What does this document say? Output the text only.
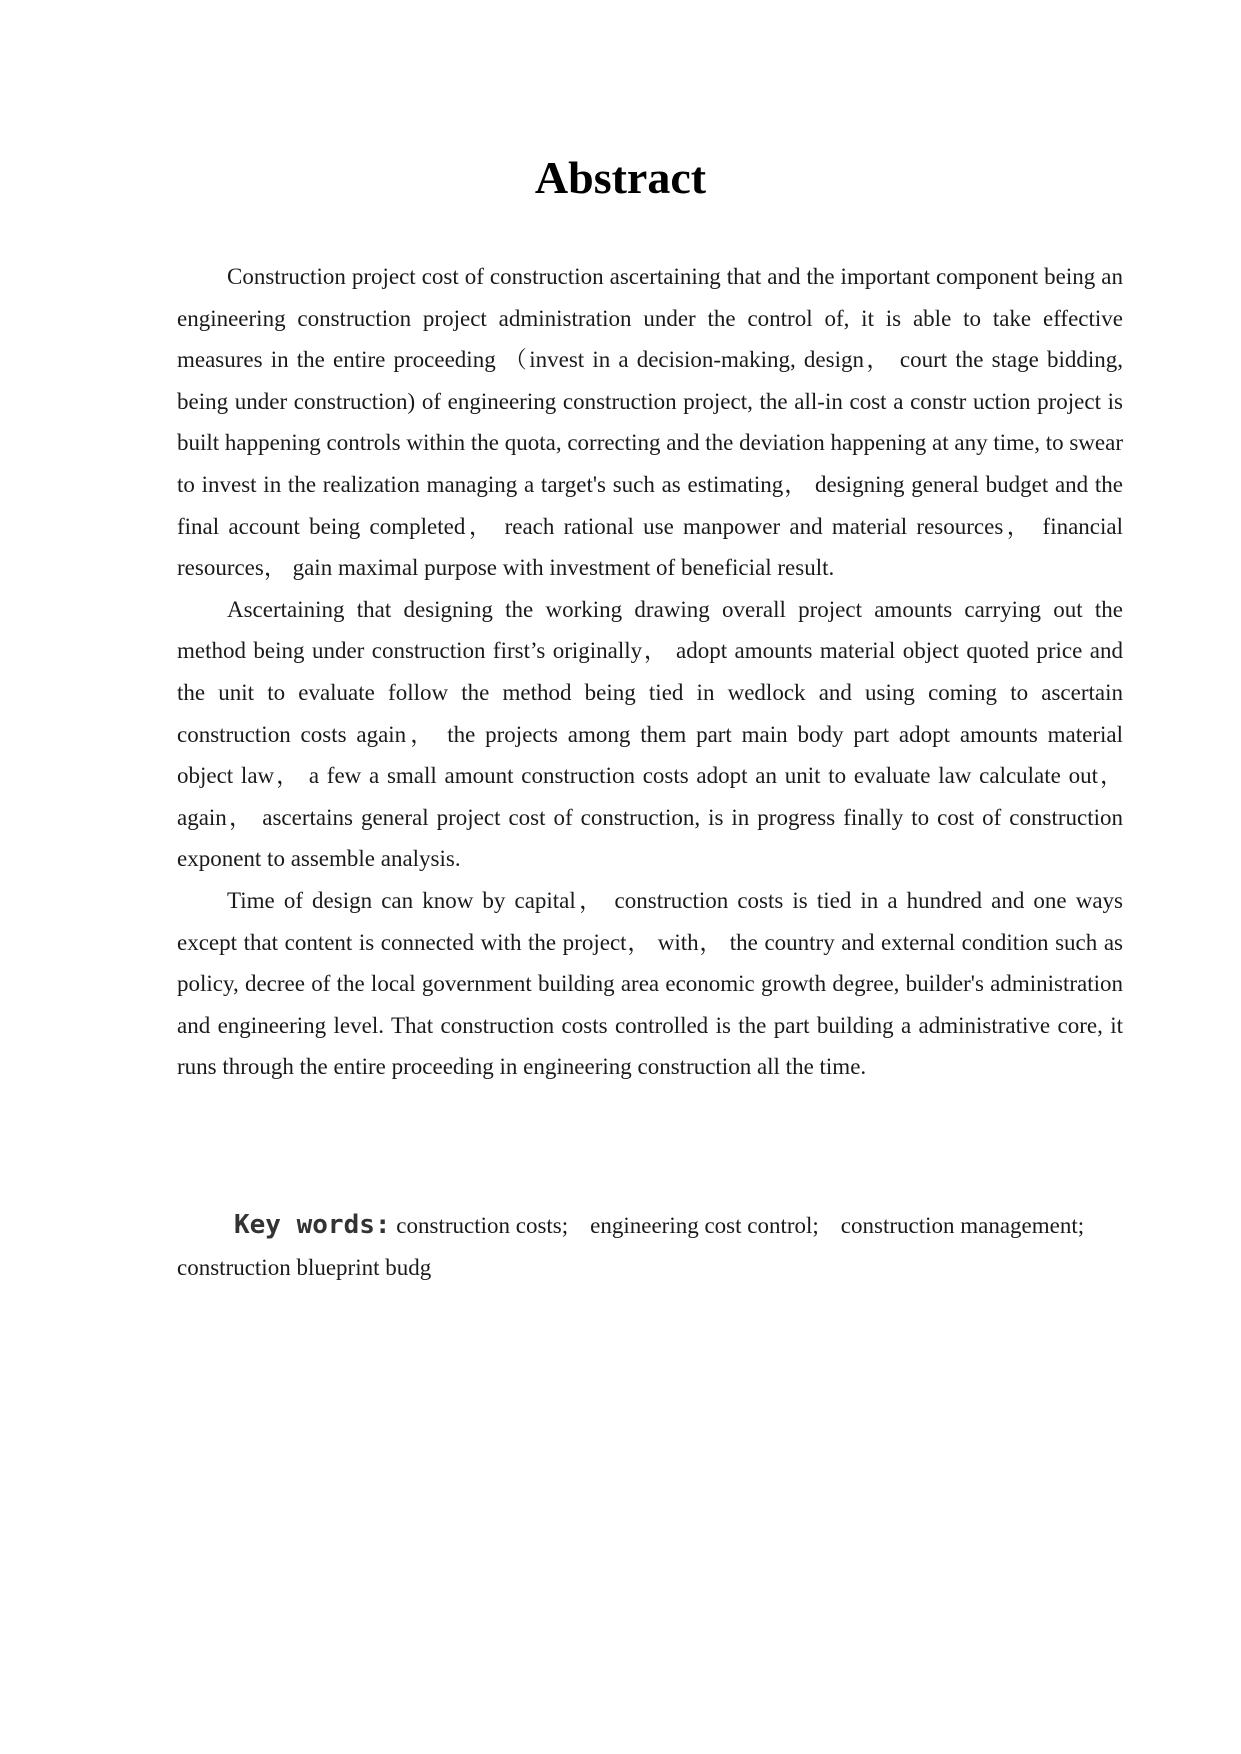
Abstract

Construction project cost of construction ascertaining that and the important component being an engineering construction project administration under the control of, it is able to take effective measures in the entire proceeding （invest in a decision-making, design， court the stage bidding, being under construction) of engineering construction project, the all-in cost a constr uction project is built happening controls within the quota, correcting and the deviation happening at any time, to swear to invest in the realization managing a target's such as estimating， designing general budget and the final account being completed， reach rational use manpower and material resources， financial resources， gain maximal purpose with investment of beneficial result.

Ascertaining that designing the working drawing overall project amounts carrying out the method being under construction first’s originally， adopt amounts material object quoted price and the unit to evaluate follow the method being tied in wedlock and using coming to ascertain construction costs again， the projects among them part main body part adopt amounts material object law， a few a small amount construction costs adopt an unit to evaluate law calculate out， again， ascertains general project cost of construction, is in progress finally to cost of construction exponent to assemble analysis.

Time of design can know by capital， construction costs is tied in a hundred and one ways except that content is connected with the project， with， the country and external condition such as policy, decree of the local government building area economic growth degree, builder's administration and engineering level. That construction costs controlled is the part building a administrative core, it runs through the entire proceeding in engineering construction all the time.

Key words: construction costs; engineering cost control; construction management; construction blueprint budg
